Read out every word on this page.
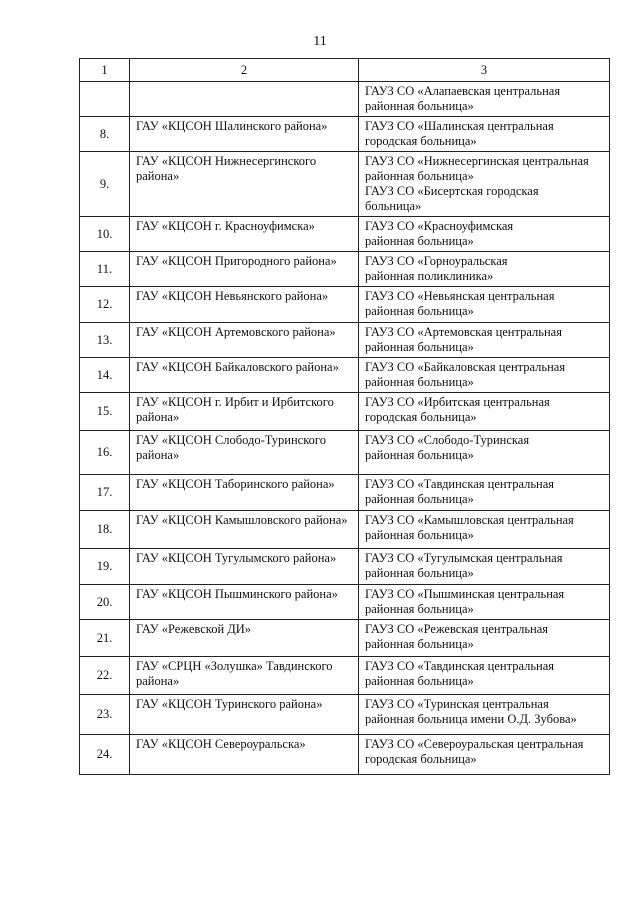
11
1	2	3

		ГАУЗ СО «Алапаевская центральная
районная больница»

8.	ГАУ «КЦСОН Шалинского района»	ГАУЗ СО «Шалинская центральная
городская больница»

9.	ГАУ «КЦСОН Нижнесергинского района»	ГАУЗ СО «Нижнесергинская центральная
районная больница»
ГАУЗ СО «Бисертская городская
больница»

10.	ГАУ «КЦСОН г. Красноуфимска»	ГАУЗ СО «Красноуфимская
районная больница»

11.	ГАУ «КЦСОН Пригородного района»	ГАУЗ СО «Горноуральская
районная поликлиника»

12.	ГАУ «КЦСОН Невьянского района»	ГАУЗ СО «Невьянская центральная
районная больница»

13.	ГАУ «КЦСОН Артемовского района»	ГАУЗ СО «Артемовская центральная
районная больница»

14.	ГАУ «КЦСОН Байкаловского района»	ГАУЗ СО «Байкаловская центральная
районная больница»

15.	ГАУ «КЦСОН г. Ирбит и Ирбитского района»	ГАУЗ СО «Ирбитская центральная
городская больница»

16.	ГАУ «КЦСОН Слободо-Туринского района»	ГАУЗ СО «Слободо-Туринская
районная больница»

17.	ГАУ «КЦСОН Таборинского района»	ГАУЗ СО «Тавдинская центральная
районная больница»

18.	ГАУ «КЦСОН Камышловского района»	ГАУЗ СО «Камышловская центральная
районная больница»

19.	ГАУ «КЦСОН Тугулымского района»	ГАУЗ СО «Тугулымская центральная
районная больница»

20.	ГАУ «КЦСОН Пышминского района»	ГАУЗ СО «Пышминская центральная
районная больница»

21.	ГАУ «Режевской ДИ»	ГАУЗ СО «Режевская центральная
районная больница»

22.	ГАУ «СРЦН «Золушка» Тавдинского района»	ГАУЗ СО «Тавдинская центральная
районная больница»

23.	ГАУ «КЦСОН Туринского района»	ГАУЗ СО «Туринская центральная
районная больница имени О.Д. Зубова»

24.	ГАУ «КЦСОН Североуральска»	ГАУЗ СО «Североуральская центральная
городская больница»
